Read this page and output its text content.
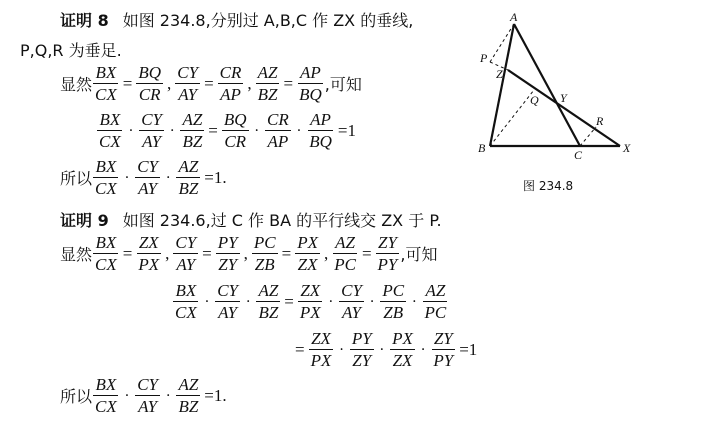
证明 8 如图 234.8,分别过 A,B,C 作 ZX 的垂线,
P,Q,R 为垂足.
显然 $\frac{BX}{CX} = \frac{BQ}{CR}$ , $\frac{CY}{AY} = \frac{CR}{AP}$ , $\frac{AZ}{BZ} = \frac{AP}{BQ}$ ,可知
$\frac{BX}{CX} \cdot \frac{CY}{AY} \cdot \frac{AZ}{BZ} = \frac{BQ}{CR} \cdot \frac{CR}{AP} \cdot \frac{AP}{BQ} =1$
所以 $\frac{BX}{CX} \cdot \frac{CY}{AY} \cdot \frac{AZ}{BZ} =1$.
A
B	C	X
P
Q
R
Y
Z
图 234.8
证明 9 如图 234.6,过 C 作 BA 的平行线交 ZX 于 P.
显然 $\frac{BX}{CX} = \frac{ZX}{PX}$ , $\frac{CY}{AY} = \frac{PY}{ZY}$ , $\frac{PC}{ZB} = \frac{PX}{ZX}$ , $\frac{AZ}{PC} = \frac{ZY}{PY}$ ,可知
$\frac{BX}{CX} \cdot \frac{CY}{AY} \cdot \frac{AZ}{BZ} = \frac{ZX}{PX} \cdot \frac{CY}{AY} \cdot \frac{PC}{ZB} \cdot \frac{AZ}{PC}$
= $\frac{ZX}{PX} \cdot \frac{PY}{ZY} \cdot \frac{PX}{ZX} \cdot \frac{ZY}{PY} =1$
所以 $\frac{BX}{CX} \cdot \frac{CY}{AY} \cdot \frac{AZ}{BZ} =1$.
